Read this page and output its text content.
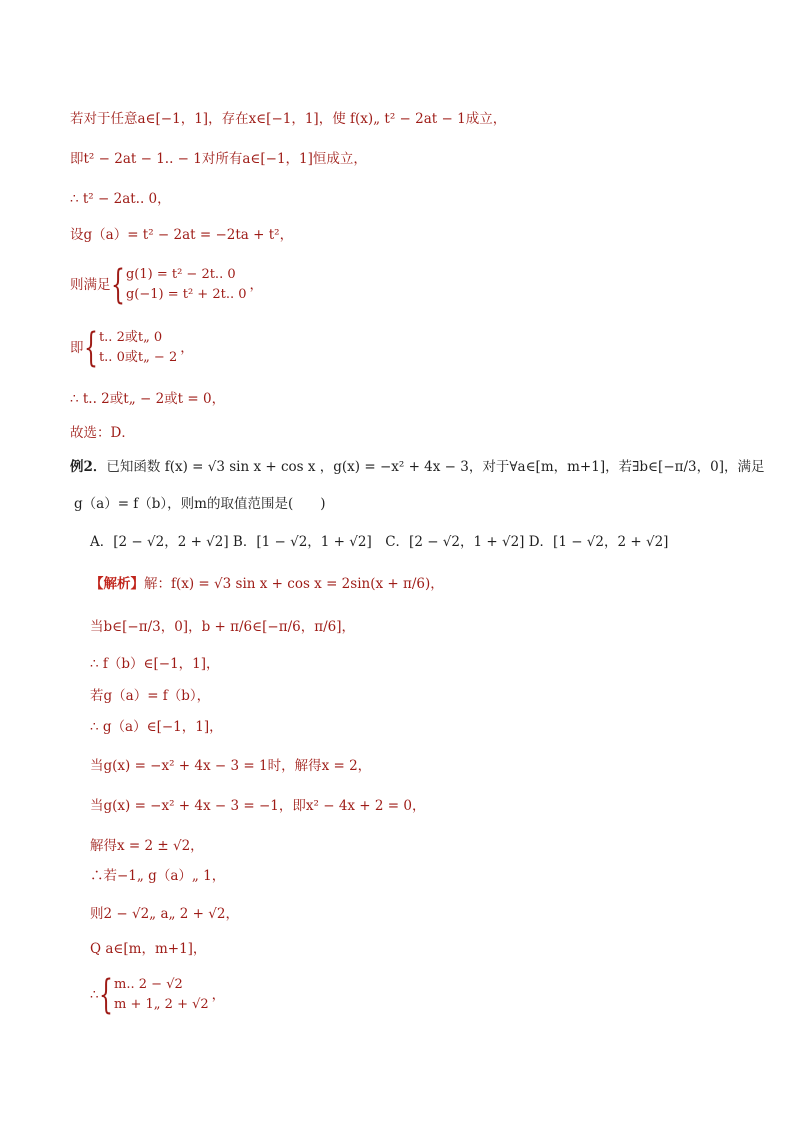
若对于任意a∈[−1，1]，存在x∈[−1，1]，使 f(x)„ t² − 2at − 1成立，
即t² − 2at − 1.. − 1对所有a∈[−1，1]恒成立，
∴ t² − 2at.. 0，
设g（a）= t² − 2at = −2ta + t²，
则满足 { g(1) = t² − 2t.. 0
g(−1) = t² + 2t.. 0
，
即 { t.. 2或t„ 0
t.. 0或t„ − 2
，
∴ t.. 2或t„ − 2或t = 0，
故选：D．
例2．已知函数 f(x) = √3 sin x + cos x ，g(x) = −x² + 4x − 3，对于∀a∈[m，m+1]，若∃b∈[−π/3，0]，满足
g（a）= f（b），则m的取值范围是(　　)
A．[2 − √2，2 + √2] B．[1 − √2，1 + √2]　C．[2 − √2，1 + √2] D．[1 − √2，2 + √2]
【解析】解：f(x) = √3 sin x + cos x = 2sin(x + π/6)，
当b∈[−π/3，0]，b + π/6∈[−π/6，π/6]，
∴ f（b）∈[−1，1]，
若g（a）= f（b），
∴ g（a）∈[−1，1]，
当g(x) = −x² + 4x − 3 = 1时，解得x = 2，
当g(x) = −x² + 4x − 3 = −1，即x² − 4x + 2 = 0，
解得x = 2 ± √2，
∴若−1„ g（a）„ 1，
则2 − √2„ a„ 2 + √2，
Q a∈[m，m+1]，
∴ { m.. 2 − √2
m + 1„ 2 + √2
，
